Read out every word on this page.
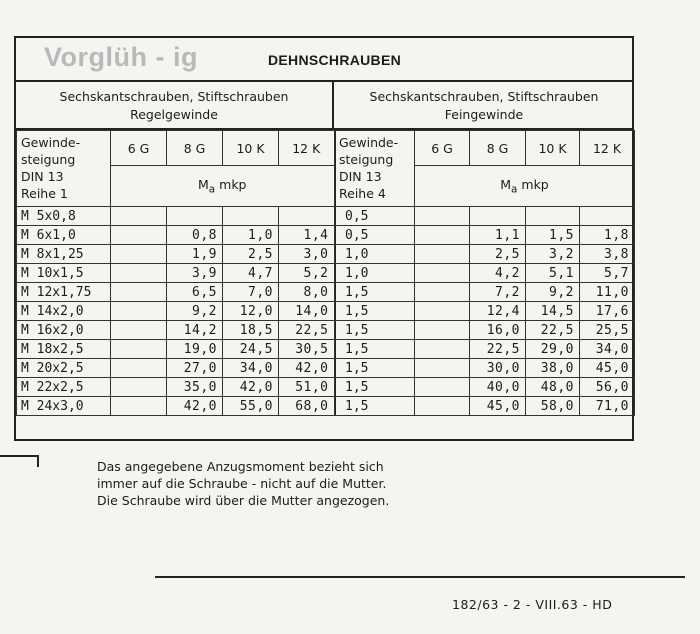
Vorglüh - ig	DEHNSCHRAUBEN
Sechskantschrauben, Stiftschrauben
Regelgewinde
Sechskantschrauben, Stiftschrauben
Feingewinde
Gewinde-
steigung
DIN 13
Reihe 1	6 G	8 G	10 K	12 K
	$M_a$ mkp			
M 5x0,8				
M 6x1,0		0,8	1,0	1,4
M 8x1,25		1,9	2,5	3,0
M 10x1,5		3,9	4,7	5,2
M 12x1,75		6,5	7,0	8,0
M 14x2,0		9,2	12,0	14,0
M 16x2,0		14,2	18,5	22,5
M 18x2,5		19,0	24,5	30,5
M 20x2,5		27,0	34,0	42,0
M 22x2,5		35,0	42,0	51,0
M 24x3,0		42,0	55,0	68,0
Gewinde-
steigung
DIN 13
Reihe 4	6 G	8 G	10 K	12 K
	$M_a$ mkp			
0,5				
0,5		1,1	1,5	1,8
1,0		2,5	3,2	3,8
1,0		4,2	5,1	5,7
1,5		7,2	9,2	11,0
1,5		12,4	14,5	17,6
1,5		16,0	22,5	25,5
1,5		22,5	29,0	34,0
1,5		30,0	38,0	45,0
1,5		40,0	48,0	56,0
1,5		45,0	58,0	71,0
Das angegebene Anzugsmoment bezieht sich
immer auf die Schraube - nicht auf die Mutter.
Die Schraube wird über die Mutter angezogen.
182/63 - 2 - VIII.63 - HD
